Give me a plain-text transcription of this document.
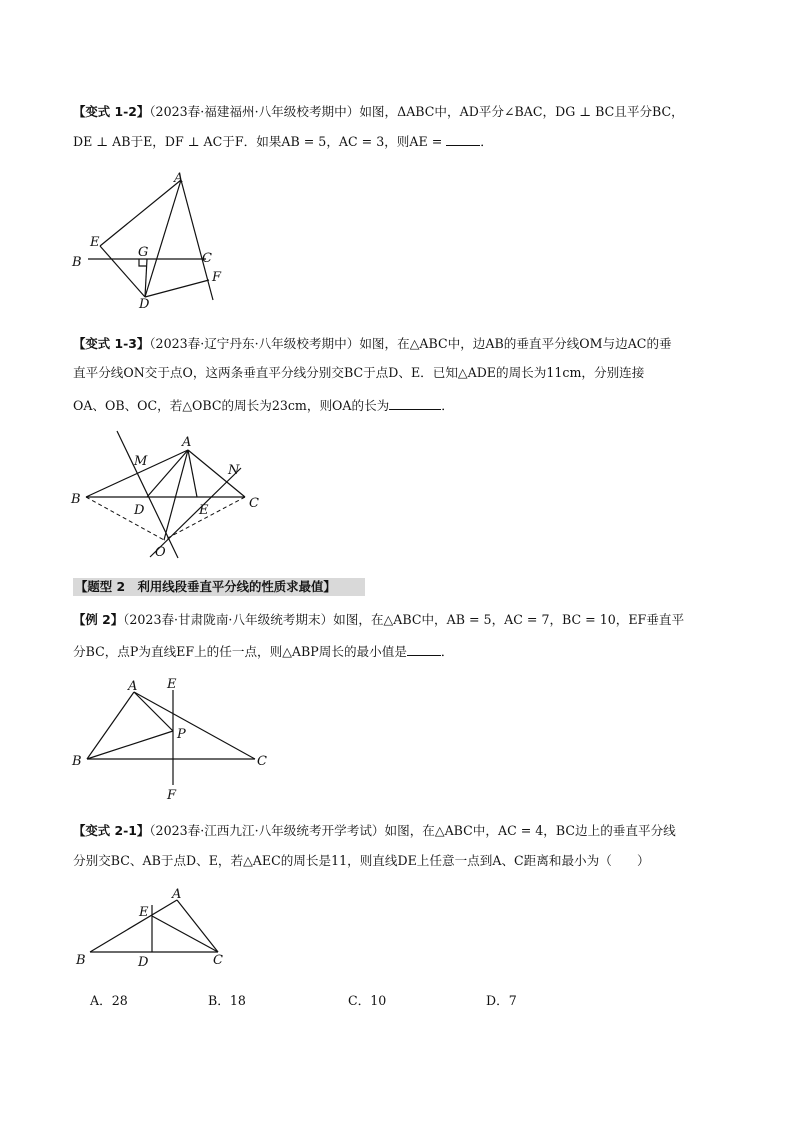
【变式 1-2】（2023春·福建福州·八年级校考期中）如图，ΔABC中，AD平分∠BAC，DG ⊥ BC且平分BC，
DE ⊥ AB于E，DF ⊥ AC于F．如果AB = 5，AC = 3，则AE =	．
A
B	C
D
E
F
G
【变式 1-3】（2023春·辽宁丹东·八年级校考期中）如图，在△ABC中，边AB的垂直平分线OM与边AC的垂
直平分线ON交于点O，这两条垂直平分线分别交BC于点D、E．已知△ADE的周长为11cm，分别连接
OA、OB、OC，若△OBC的周长为23cm，则OA的长为	．
A
B	C
D	E
M
N
O
【题型 2　利用线段垂直平分线的性质求最值】
【例 2】（2023春·甘肃陇南·八年级统考期末）如图，在△ABC中，AB = 5，AC = 7，BC = 10，EF垂直平
分BC，点P为直线EF上的任一点，则△ABP周长的最小值是	．
A
B	C
E
F
P
【变式 2-1】（2023春·江西九江·八年级统考开学考试）如图，在△ABC中，AC = 4，BC边上的垂直平分线
分别交BC、AB于点D、E，若△AEC的周长是11，则直线DE上任意一点到A、C距离和最小为（　　）
A
B	C
D
E
A．28	B．18	C．10	D．7
